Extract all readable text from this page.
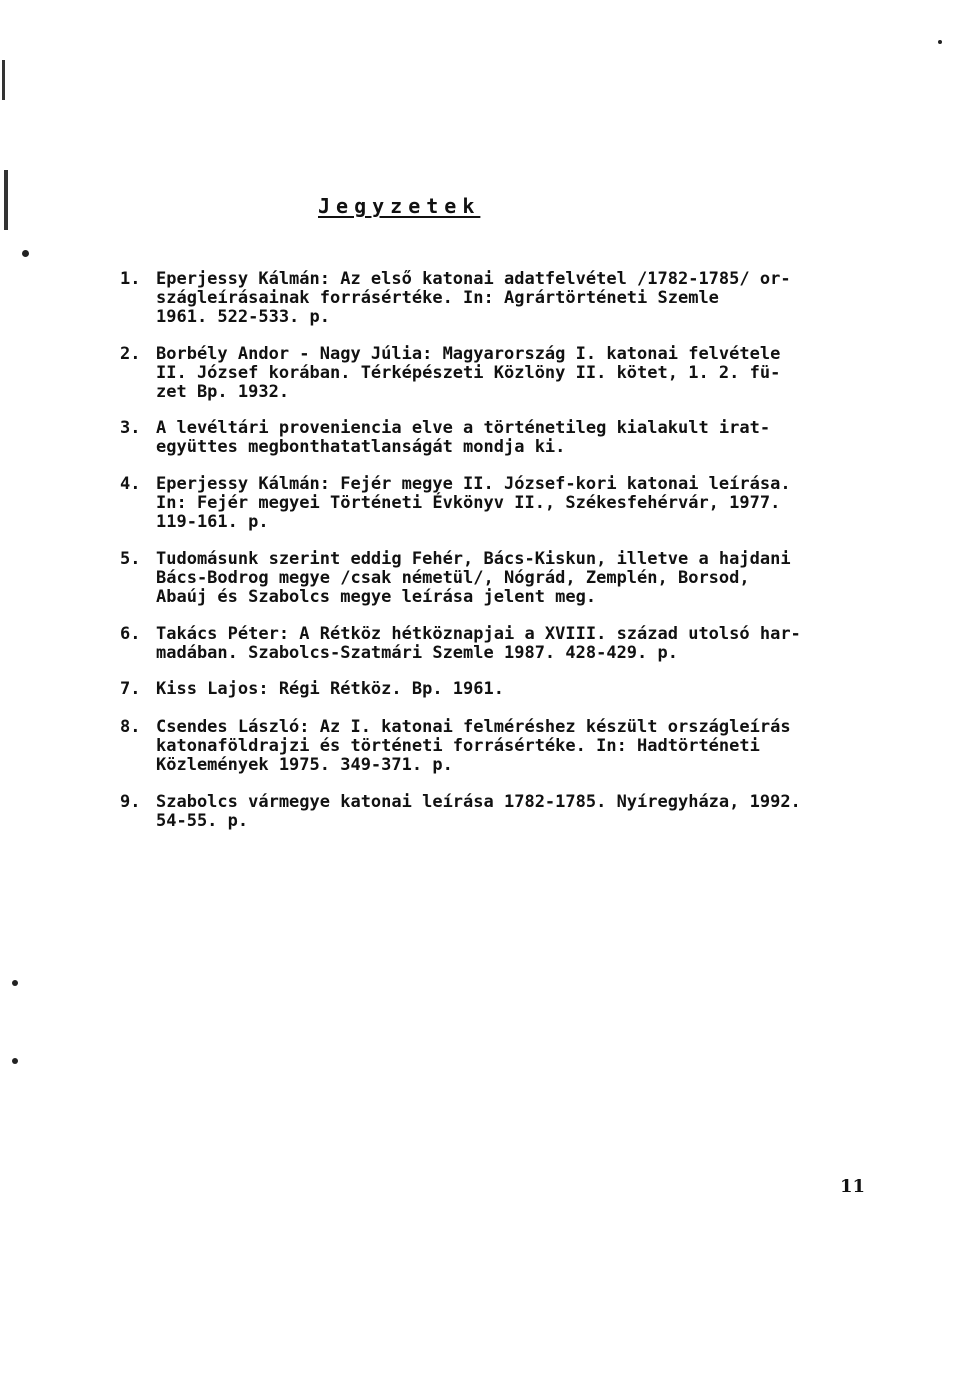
Jegyzetek
1. Eperjessy Kálmán: Az első katonai adatfelvétel /1782-1785/ or-
szágleírásainak forrásértéke. In: Agrártörténeti Szemle
1961. 522-533. p.
2. Borbély Andor - Nagy Júlia: Magyarország I. katonai felvétele
II. József korában. Térképészeti Közlöny II. kötet, 1. 2. fü-
zet Bp. 1932.
3. A levéltári proveniencia elve a történetileg kialakult irat-
együttes megbonthatatlanságát mondja ki.
4. Eperjessy Kálmán: Fejér megye II. József-kori katonai leírása.
In: Fejér megyei Történeti Évkönyv II., Székesfehérvár, 1977.
119-161. p.
5. Tudomásunk szerint eddig Fehér, Bács-Kiskun, illetve a hajdani
Bács-Bodrog megye /csak németül/, Nógrád, Zemplén, Borsod,
Abaúj és Szabolcs megye leírása jelent meg.
6. Takács Péter: A Rétköz hétköznapjai a XVIII. század utolsó har-
madában. Szabolcs-Szatmári Szemle 1987. 428-429. p.
7. Kiss Lajos: Régi Rétköz. Bp. 1961.
8. Csendes László: Az I. katonai felméréshez készült országleírás
katonaföldrajzi és történeti forrásértéke. In: Hadtörténeti
Közlemények 1975. 349-371. p.
9. Szabolcs vármegye katonai leírása 1782-1785. Nyíregyháza, 1992.
54-55. p.
11
